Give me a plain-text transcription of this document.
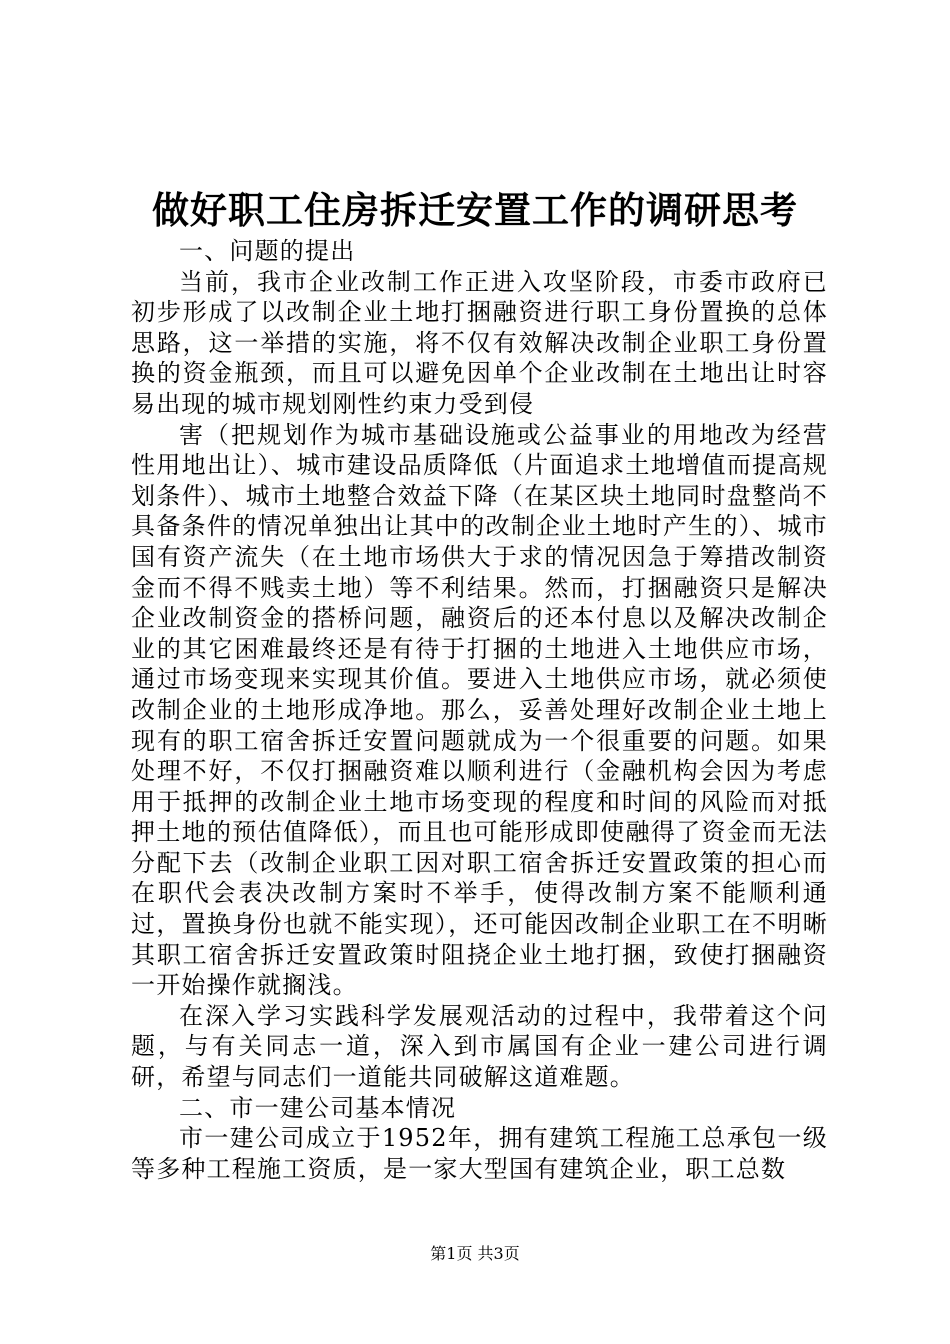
做好职工住房拆迁安置工作的调研思考

一、问题的提出

当前，我市企业改制工作正进入攻坚阶段，市委市政府已初步形成了以改制企业土地打捆融资进行职工身份置换的总体思路，这一举措的实施，将不仅有效解决改制企业职工身份置换的资金瓶颈，而且可以避免因单个企业改制在土地出让时容易出现的城市规划刚性约束力受到侵

害（把规划作为城市基础设施或公益事业的用地改为经营性用地出让）、城市建设品质降低（片面追求土地增值而提高规划条件）、城市土地整合效益下降（在某区块土地同时盘整尚不具备条件的情况单独出让其中的改制企业土地时产生的）、城市国有资产流失（在土地市场供大于求的情况因急于筹措改制资金而不得不贱卖土地）等不利结果。然而，打捆融资只是解决企业改制资金的搭桥问题，融资后的还本付息以及解决改制企业的其它困难最终还是有待于打捆的土地进入土地供应市场，通过市场变现来实现其价值。要进入土地供应市场，就必须使改制企业的土地形成净地。那么，妥善处理好改制企业土地上现有的职工宿舍拆迁安置问题就成为一个很重要的问题。如果处理不好，不仅打捆融资难以顺利进行（金融机构会因为考虑用于抵押的改制企业土地市场变现的程度和时间的风险而对抵押土地的预估值降低），而且也可能形成即使融得了资金而无法分配下去（改制企业职工因对职工宿舍拆迁安置政策的担心而在职代会表决改制方案时不举手，使得改制方案不能顺利通过，置换身份也就不能实现），还可能因改制企业职工在不明晰其职工宿舍拆迁安置政策时阻挠企业土地打捆，致使打捆融资一开始操作就搁浅。

在深入学习实践科学发展观活动的过程中，我带着这个问题，与有关同志一道，深入到市属国有企业一建公司进行调研，希望与同志们一道能共同破解这道难题。

二、市一建公司基本情况

市一建公司成立于1952年，拥有建筑工程施工总承包一级等多种工程施工资质，是一家大型国有建筑企业，职工总数

第1页 共3页
